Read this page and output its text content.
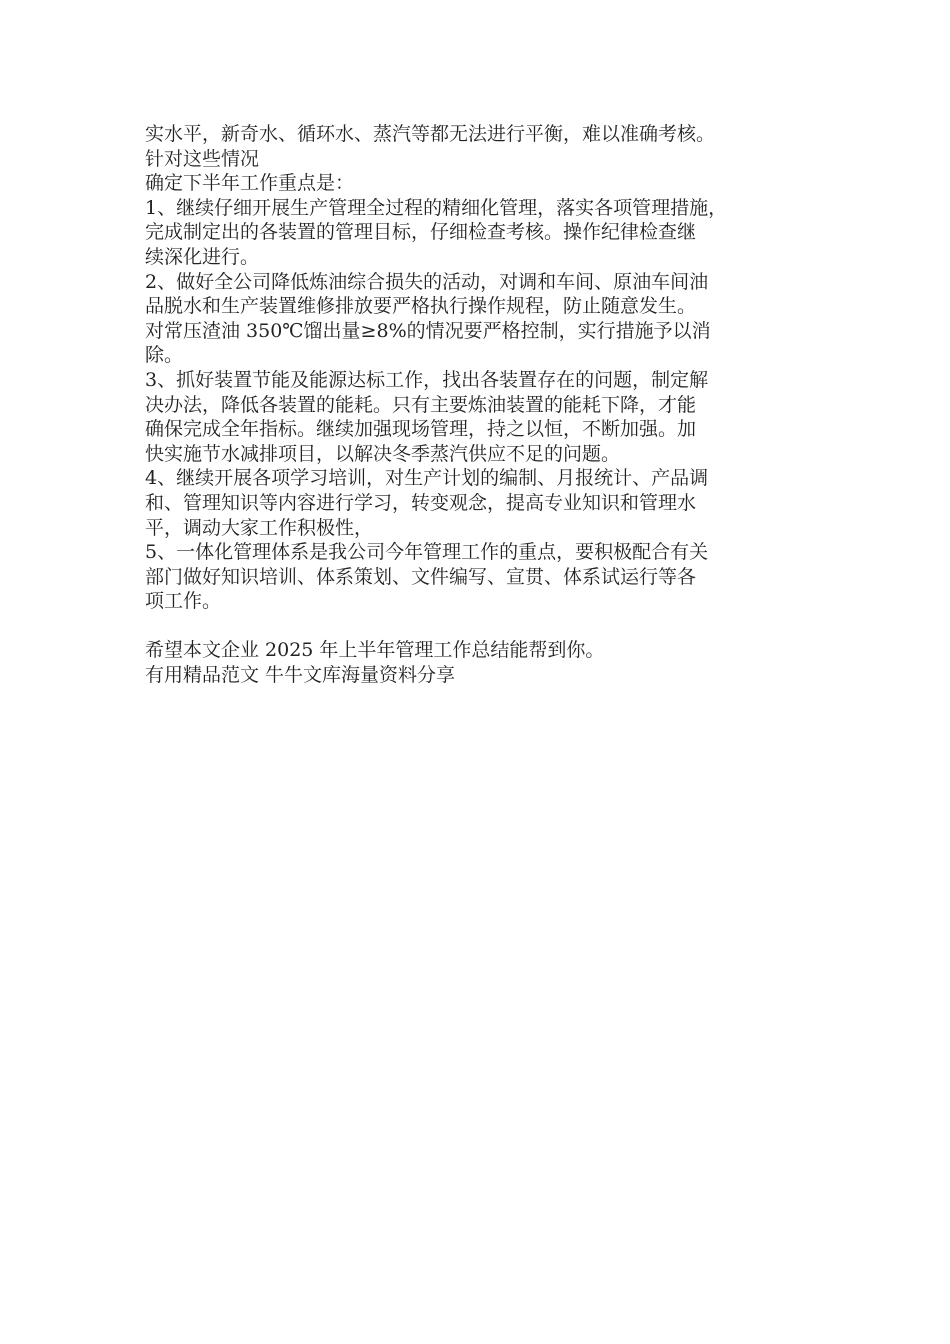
实水平，新奇水、循环水、蒸汽等都无法进行平衡，难以准确考核。
针对这些情况
确定下半年工作重点是：
1、继续仔细开展生产管理全过程的精细化管理，落实各项管理措施，
完成制定出的各装置的管理目标，仔细检查考核。操作纪律检查继
续深化进行。
2、做好全公司降低炼油综合损失的活动，对调和车间、原油车间油
品脱水和生产装置维修排放要严格执行操作规程，防止随意发生。
对常压渣油 350℃馏出量≥8%的情况要严格控制，实行措施予以消
除。
3、抓好装置节能及能源达标工作，找出各装置存在的问题，制定解
决办法，降低各装置的能耗。只有主要炼油装置的能耗下降，才能
确保完成全年指标。继续加强现场管理，持之以恒，不断加强。加
快实施节水减排项目，以解决冬季蒸汽供应不足的问题。
4、继续开展各项学习培训，对生产计划的编制、月报统计、产品调
和、管理知识等内容进行学习，转变观念，提高专业知识和管理水
平，调动大家工作积极性，
5、一体化管理体系是我公司今年管理工作的重点，要积极配合有关
部门做好知识培训、体系策划、文件编写、宣贯、体系试运行等各
项工作。
希望本文企业 2025 年上半年管理工作总结能帮到你。
有用精品范文 牛牛文库海量资料分享
